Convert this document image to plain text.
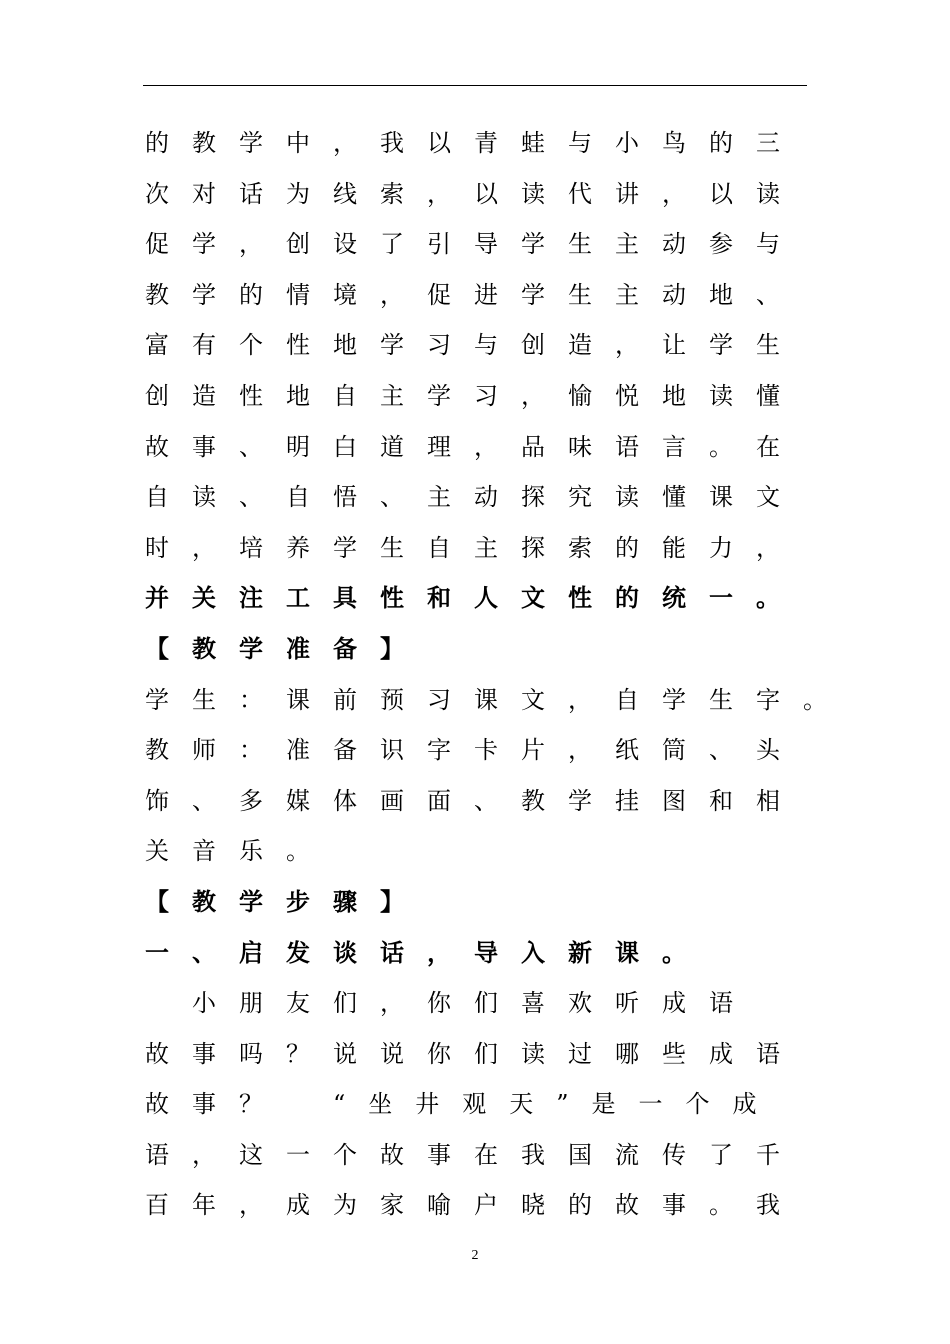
的教学中，我以青蛙与小鸟的三
次对话为线索，以读代讲，以读
促学，创设了引导学生主动参与
教学的情境，促进学生主动地、
富有个性地学习与创造，让学生
创造性地自主学习，愉悦地读懂
故事、明白道理，品味语言。在
自读、自悟、主动探究读懂课文
时，培养学生自主探索的能力，
并关注工具性和人文性的统一。
【教学准备】
学生：课前预习课文，自学生字。
教师：准备识字卡片，纸筒、头
饰、多媒体画面、教学挂图和相
关音乐。
【教学步骤】
一、启发谈话，导入新课。
　小朋友们，你们喜欢听成语
故事吗？说说你们读过哪些成语
故事？　“坐井观天”是一个成
语，这一个故事在我国流传了千
百年，成为家喻户晓的故事。我
2
